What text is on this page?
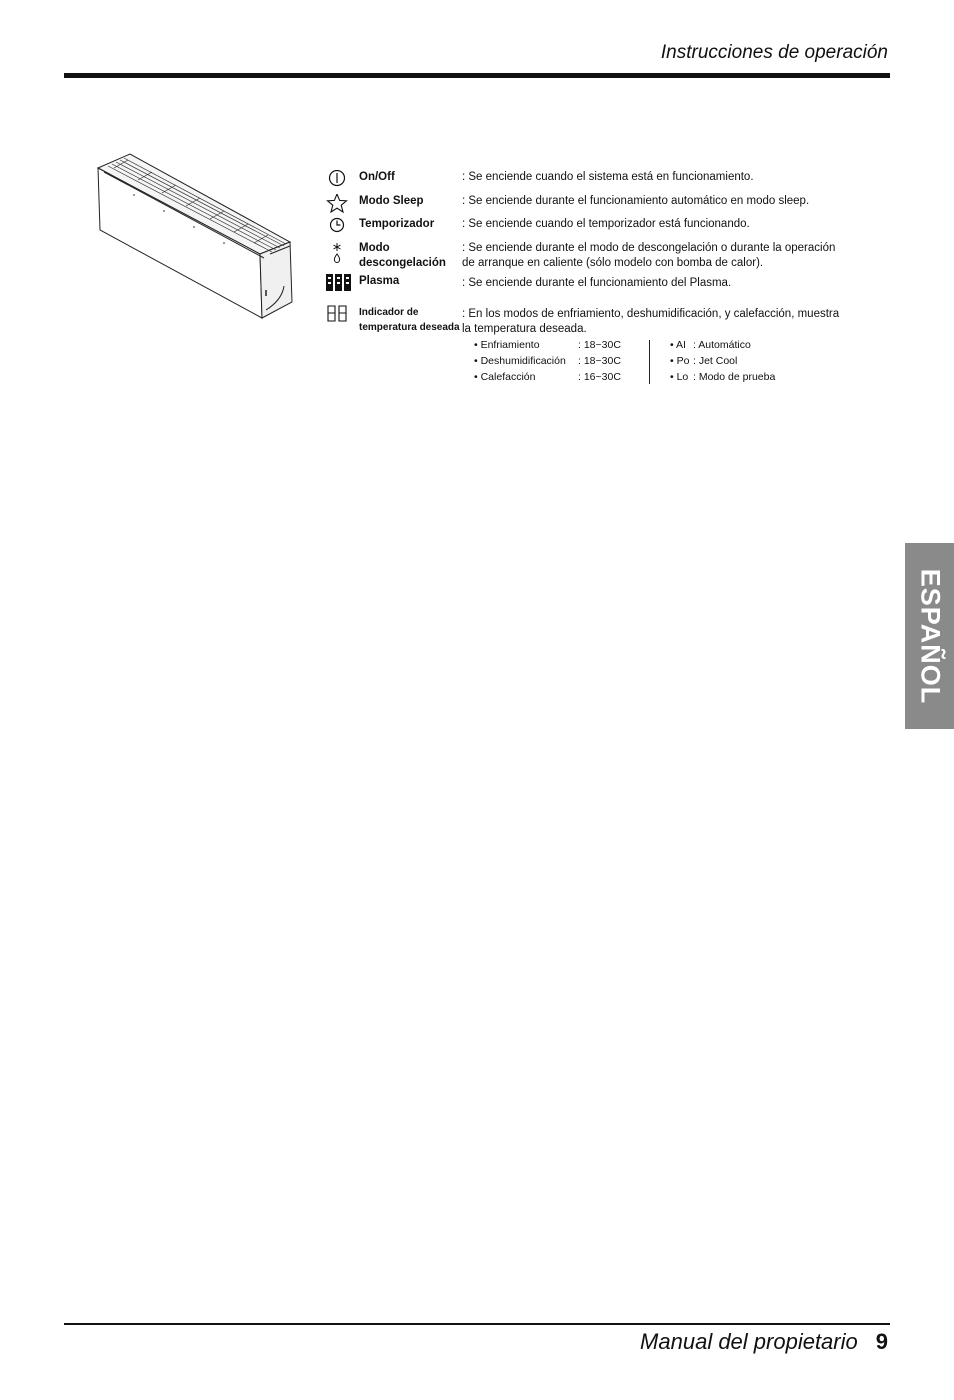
Instrucciones de operación
On/Off	: Se enciende cuando el sistema está en funcionamiento.
Modo Sleep	: Se enciende durante el funcionamiento automático en modo sleep.
Temporizador	: Se enciende cuando el temporizador está funcionando.
Modo descongelación
: Se enciende durante el modo de descongelación o durante la operación de arranque en caliente (sólo modelo con bomba de calor).
Plasma	: Se enciende durante el funcionamiento del Plasma.
Indicador de temperatura deseada
: En los modos de enfriamiento, deshumidificación, y calefacción, muestra la temperatura deseada.
• Enfriamiento	: 18~30C
• Deshumidificación : 18~30C
• Calefacción	: 16~30C
• AI : Automático
• Po : Jet Cool
• Lo : Modo de prueba
ESPAÑOL
Manual del propietario 9
